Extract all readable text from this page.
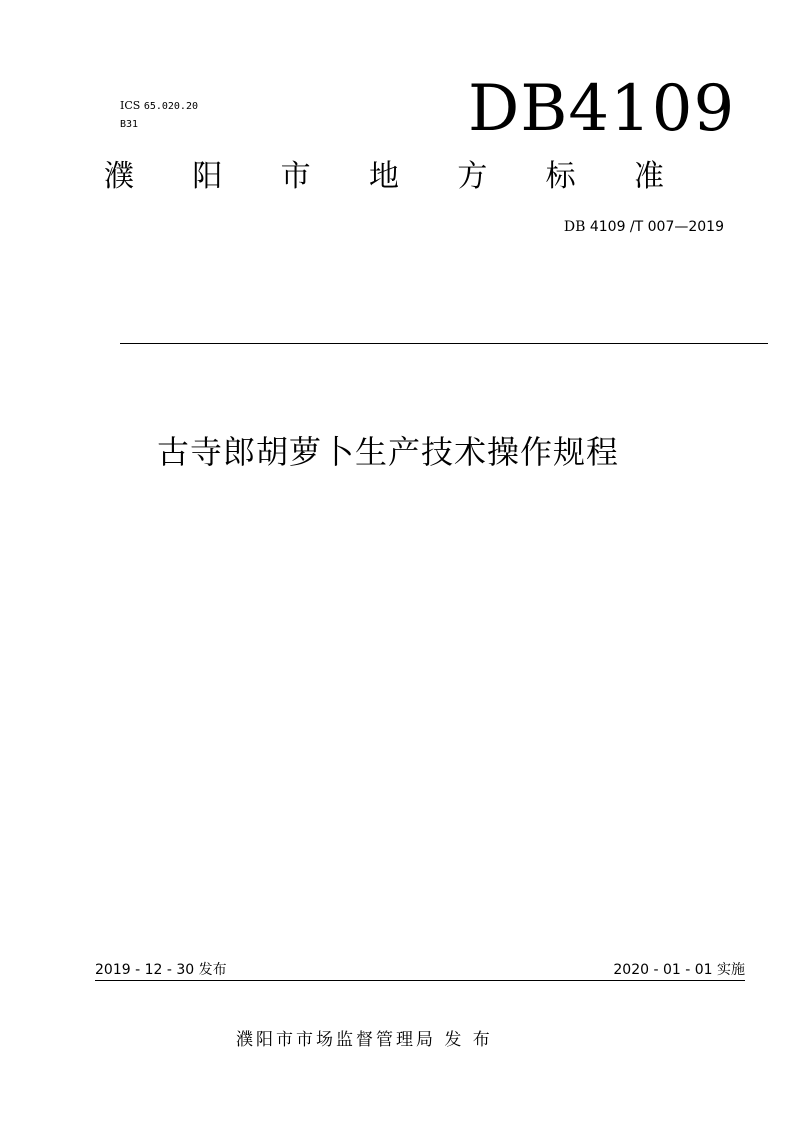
ICS 65.020.20
B31	DB4109
濮 阳 市 地 方 标 准
DB 4109 /T 007—2019
古寺郎胡萝卜生产技术操作规程
2019 - 12 - 30 发布	2020 - 01 - 01 实施
濮阳市市场监督管理局 发 布
